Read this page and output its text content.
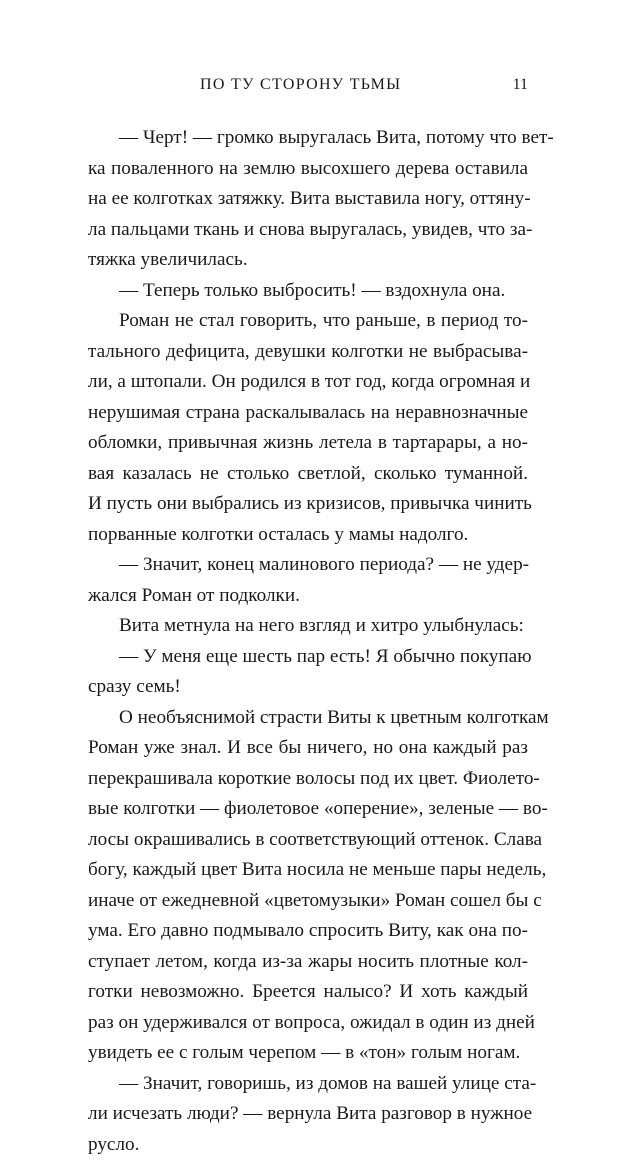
ПО ТУ СТОРОНУ ТЬМЫ	11
— Черт! — громко выругалась Вита, потому что вет-
ка поваленного на землю высохшего дерева оставила
на ее колготках затяжку. Вита выставила ногу, оттяну-
ла пальцами ткань и снова выругалась, увидев, что за-
тяжка увеличилась.
— Теперь только выбросить! — вздохнула она.
Роман не стал говорить, что раньше, в период то-
тального дефицита, девушки колготки не выбрасыва-
ли, а штопали. Он родился в тот год, когда огромная и
нерушимая страна раскалывалась на неравнозначные
обломки, привычная жизнь летела в тартарары, а но-
вая казалась не столько светлой, сколько туманной.
И пусть они выбрались из кризисов, привычка чинить
порванные колготки осталась у мамы надолго.
— Значит, конец малинового периода? — не удер-
жался Роман от подколки.
Вита метнула на него взгляд и хитро улыбнулась:
— У меня еще шесть пар есть! Я обычно покупаю
сразу семь!
О необъяснимой страсти Виты к цветным колготкам
Роман уже знал. И все бы ничего, но она каждый раз
перекрашивала короткие волосы под их цвет. Фиолето-
вые колготки — фиолетовое «оперение», зеленые — во-
лосы окрашивались в соответствующий оттенок. Слава
богу, каждый цвет Вита носила не меньше пары недель,
иначе от ежедневной «цветомузыки» Роман сошел бы с
ума. Его давно подмывало спросить Виту, как она по-
ступает летом, когда из-за жары носить плотные кол-
готки невозможно. Бреется налысо? И хоть каждый
раз он удерживался от вопроса, ожидал в один из дней
увидеть ее с голым черепом — в «тон» голым ногам.
— Значит, говоришь, из домов на вашей улице ста-
ли исчезать люди? — вернула Вита разговор в нужное
русло.
